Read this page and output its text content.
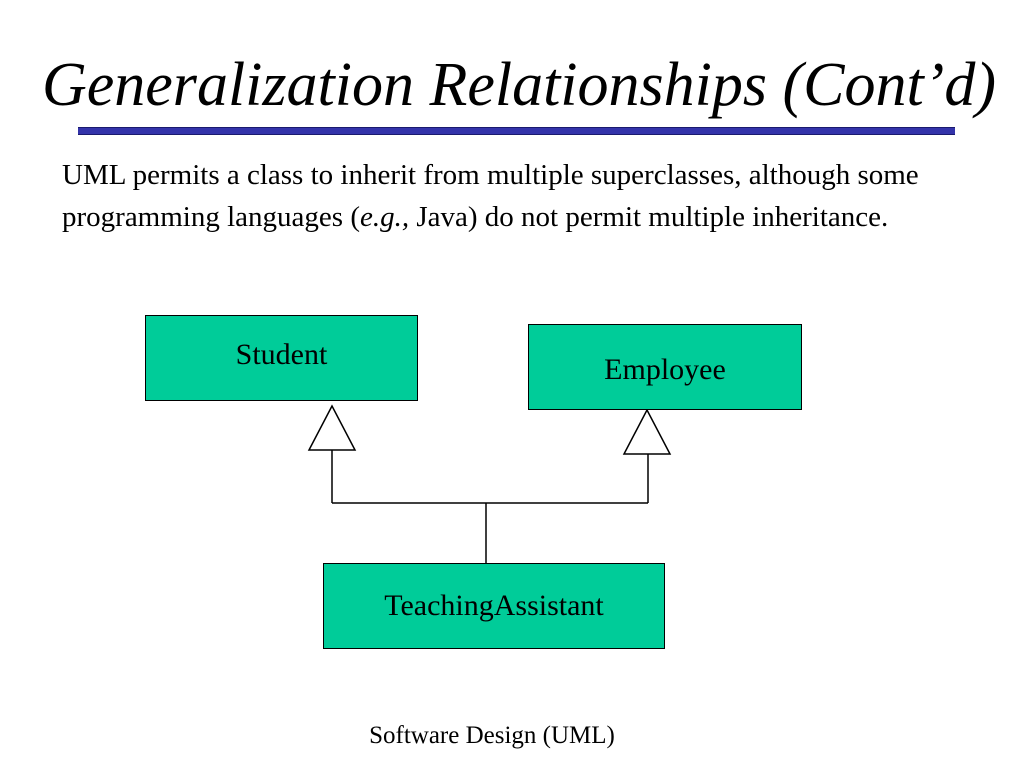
Generalization Relationships (Cont’d)

UML permits a class to inherit from multiple superclasses, although some programming languages (e.g., Java) do not permit multiple inheritance.

Student	Employee
TeachingAssistant

Software Design (UML)
